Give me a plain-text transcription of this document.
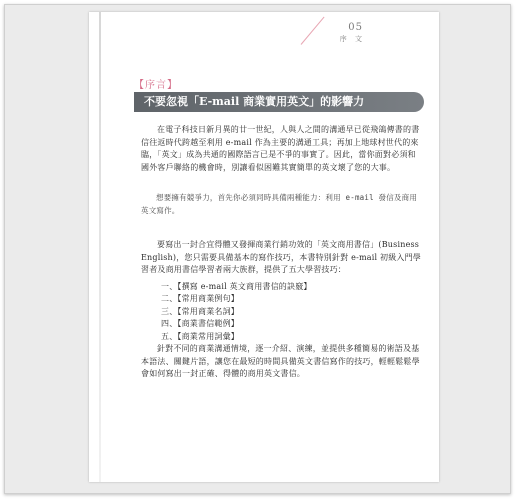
05
序 文
【序言】
不要忽視「E-mail 商業實用英文」的影響力

在電子科技日新月異的廿一世紀，人與人之間的溝通早已從飛鴿傳書的書信往返時代跨越至利用 e-mail 作為主要的溝通工具；再加上地球村世代的來臨，「英文」成為共通的國際語言已是不爭的事實了。因此，當你面對必須和國外客戶聯絡的機會時，別讓看似困難其實簡單的英文壞了您的大事。

想要擁有競爭力，首先你必須同時具備兩種能力：利用 e-mail 發信及商用英文寫作。

要寫出一封合宜得體又發揮商業行銷功效的「英文商用書信」(Business English)，您只需要具備基本的寫作技巧，本書特別針對 e-mail 初級入門學習者及商用書信學習者兩大族群，提供了五大學習技巧：

一、【撰寫 e-mail 英文商用書信的訣竅】
二、【常用商業例句】
三、【常用商業名詞】
四、【商業書信範例】
五、【商業常用詞彙】

針對不同的商業溝通情境，逐一介紹、演練，並提供多種簡易的術語及基本語法、關鍵片語，讓您在最短的時間具備英文書信寫作的技巧，輕輕鬆鬆學會如何寫出一封正確、得體的商用英文書信。
